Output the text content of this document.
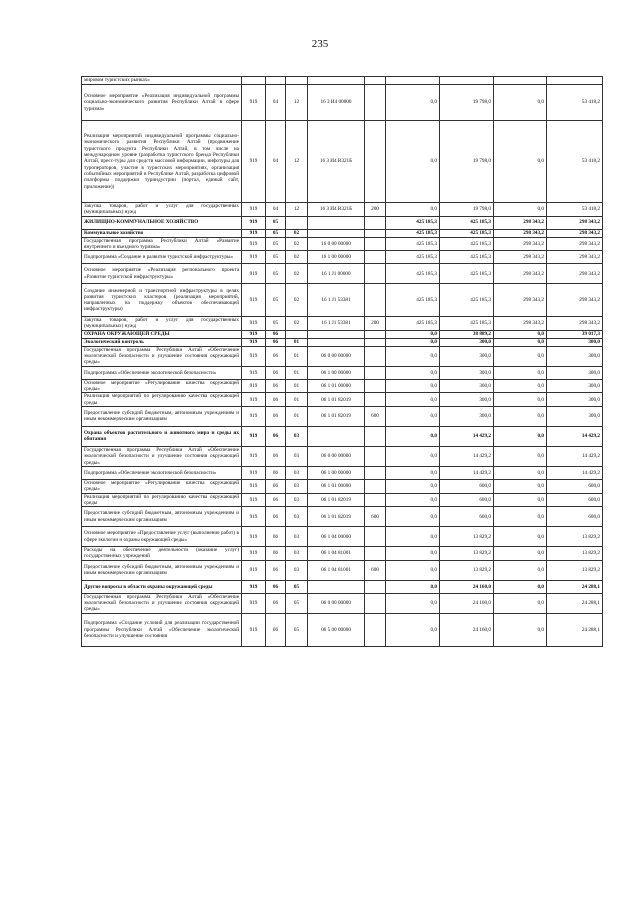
235
мировом туристских рынках»									
Основное мероприятие «Реализация индивидуальной программы социально-экономического развития Республики Алтай в сфере туризма»	919	04	12	16 3 И4 00000		0,0	19 798,0	0,0	53 418,2
Реализация мероприятий индивидуальной программы социально-экономического развития Республики Алтай (продвижение туристского продукта Республики Алтай, в том числе на международном уровне (разработка туристского бренда Республики Алтай, пресс-туры для средств массовой информации, инфотуры для туроператоров, участие в туристских мероприятиях, организация событийных мероприятий в Республике Алтай, разработка цифровой платформы поддержки туриндустрии (портал, единый сайт, приложение))	919	04	12	16 3 И4 R321Б		0,0	19 798,0	0,0	53 418,2
Закупка товаров, работ и услуг для государственных (муниципальных) нужд	919	04	12	16 3 И4 R321Б	200	0,0	19 798,0	0,0	53 418,2
ЖИЛИЩНО-КОММУНАЛЬНОЕ ХОЗЯЙСТВО	919	05				425 185,3	425 185,3	298 343,2	298 343,2
Коммунальное хозяйство	919	05	02			425 185,3	425 185,3	298 343,2	298 343,2
Государственная программа Республики Алтай «Развитие внутреннего и въездного туризма»	919	05	02	16 0 00 00000		425 185,3	425 185,3	298 343,2	298 343,2
Подпрограмма «Создание и развитие туристской инфраструктуры»	919	05	02	16 1 00 00000		425 185,3	425 185,3	298 343,2	298 343,2
Основное мероприятие «Реализация регионального проекта «Развитие туристской инфраструктуры»	919	05	02	16 1 J1 00000		425 185,3	425 185,3	298 343,2	298 343,2
Создание инженерной и транспортной инфраструктуры в целях развития туристских кластеров (реализация мероприятий, направленных на поддержку объектов обеспечивающей инфраструктуры)	919	05	02	16 1 J1 53381		425 185,3	425 185,3	298 343,2	298 343,2
Закупка товаров, работ и услуг для государственных (муниципальных) нужд	919	05	02	16 1 J1 53381	200	425 185,3	425 185,3	298 343,2	298 343,2
ОХРАНА ОКРУЖАЮЩЕЙ СРЕДЫ	919	06				0,0	38 889,2	0,0	39 017,3
Экологический контроль	919	06	01			0,0	300,0	0,0	300,0
Государственная программа Республики Алтай «Обеспечение экологической безопасности и улучшение состояния окружающей среды»	919	06	01	06 0 00 00000		0,0	300,0	0,0	300,0
Подпрограмма «Обеспечение экологической безопасности»	919	06	01	06 1 00 00000		0,0	300,0	0,0	300,0
Основное мероприятие «Регулирование качества окружающей среды»	919	06	01	06 1 01 00000		0,0	300,0	0,0	300,0
Реализация мероприятий по регулированию качества окружающей среды	919	06	01	06 1 01 82019		0,0	300,0	0,0	300,0
Предоставление субсидий бюджетным, автономным учреждениям и иным некоммерческим организациям	919	06	01	06 1 01 82019	600	0,0	300,0	0,0	300,0
Охрана объектов растительного и животного мира и среды их обитания	919	06	03			0,0	14 429,2	0,0	14 429,2
Государственная программа Республики Алтай «Обеспечение экологической безопасности и улучшение состояния окружающей среды»	919	06	03	06 0 00 00000		0,0	14 429,2	0,0	14 429,2
Подпрограмма «Обеспечение экологической безопасности»	919	06	03	06 1 00 00000		0,0	14 429,2	0,0	14 429,2
Основное мероприятие «Регулирование качества окружающей среды»	919	06	03	06 1 01 00000		0,0	600,0	0,0	600,0
Реализация мероприятий по регулированию качества окружающей среды	919	06	03	06 1 01 82019		0,0	600,0	0,0	600,0
Предоставление субсидий бюджетным, автономным учреждениям и иным некоммерческим организациям	919	06	03	06 1 01 82019	600	0,0	600,0	0,0	600,0
Основное мероприятие «Предоставление услуг (выполнение работ) в сфере экологии и охраны окружающей среды»	919	06	03	06 1 04 00000		0,0	13 829,2	0,0	13 829,2
Расходы на обеспечение деятельности (оказание услуг) государственных учреждений	919	06	03	06 1 04 81001		0,0	13 829,2	0,0	13 829,2
Предоставление субсидий бюджетным, автономным учреждениям и иным некоммерческим организациям	919	06	03	06 1 04 81001	600	0,0	13 829,2	0,0	13 829,2
Другие вопросы в области охраны окружающей среды	919	06	05			0,0	24 160,0	0,0	24 288,1
Государственная программа Республики Алтай «Обеспечение экологической безопасности и улучшение состояния окружающей среды»	919	06	05	06 0 00 00000		0,0	24 160,0	0,0	24 288,1
Подпрограмма «Создание условий для реализации государственной программы Республики Алтай «Обеспечение экологической безопасности и улучшение состояния	919	06	05	06 5 00 00000		0,0	24 160,0	0,0	24 288,1
